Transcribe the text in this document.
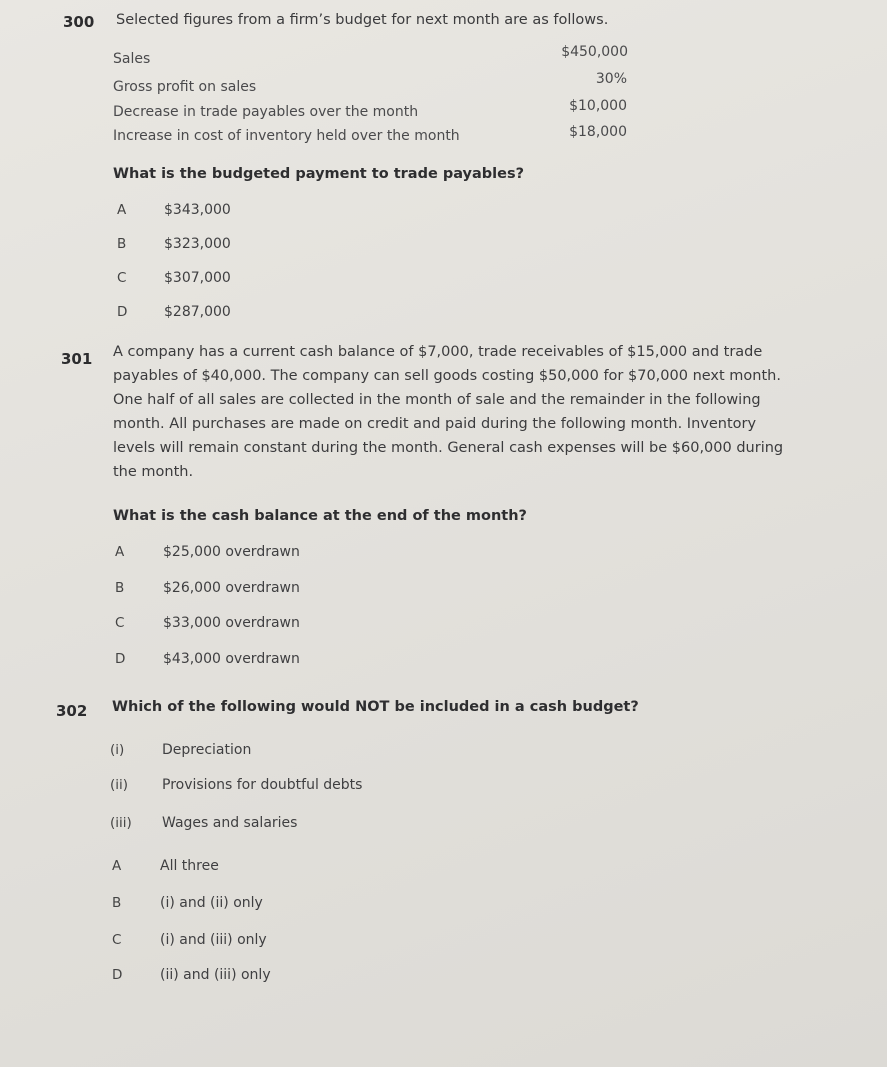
300 Selected figures from a firm’s budget for next month are as follows.
Sales	$450,000
Gross profit on sales	30%
Decrease in trade payables over the month	$10,000
Increase in cost of inventory held over the month	$18,000
What is the budgeted payment to trade payables?
A	$343,000
B	$323,000
C	$307,000
D	$287,000
301 A company has a current cash balance of $7,000, trade receivables of $15,000 and trade
payables of $40,000. The company can sell goods costing $50,000 for $70,000 next month.
One half of all sales are collected in the month of sale and the remainder in the following
month. All purchases are made on credit and paid during the following month. Inventory
levels will remain constant during the month. General cash expenses will be $60,000 during
the month.
What is the cash balance at the end of the month?
A	$25,000 overdrawn
B	$26,000 overdrawn
C	$33,000 overdrawn
D	$43,000 overdrawn
302 Which of the following would NOT be included in a cash budget?
(i)	Depreciation
(ii) Provisions for doubtful debts
(iii) Wages and salaries
A	All three
B	(i) and (ii) only
C	(i) and (iii) only
D	(ii) and (iii) only
